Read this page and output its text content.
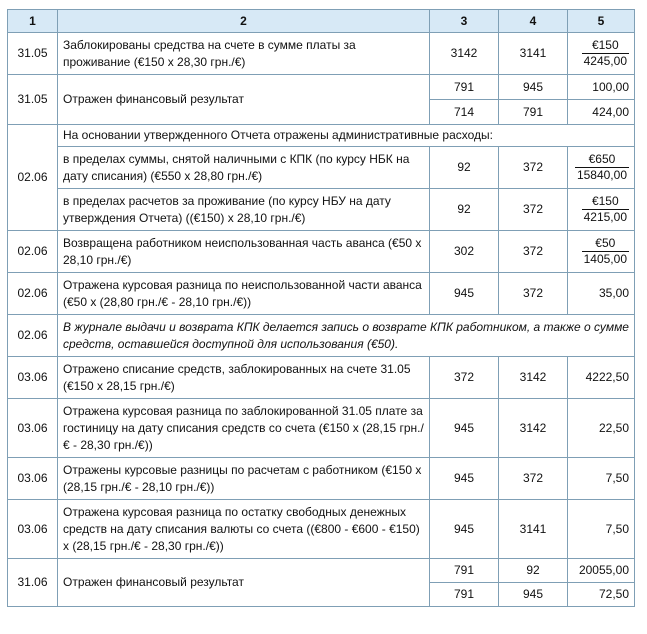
1	2	3	4	5
31.05	Заблокированы средства на счете в сумме платы за проживание (€150 х 28,30 грн./€)	3142	3141	$\frac{€150}{4245,00}$

31.05	Отражен финансовый результат	791	945	100,00
		714	791	424,00
02.06	На основании утвержденного Отчета отражены административные расходы:			
	в пределах суммы, снятой наличными с КПК (по курсу НБК на дату списания) (€550 х 28,80 грн./€)	92	372	$\frac{€650}{15840,00}$

	в пределах расчетов за проживание (по курсу НБУ на дату утверждения Отчета) ((€150) х 28,10 грн./€)	92	372	$\frac{€150}{4215,00}$

02.06	Возвращена работником неиспользованная часть аванса (€50 х 28,10 грн./€)	302	372	$\frac{€50}{1405,00}$

02.06	Отражена курсовая разница по неиспользованной части аванса (€50 х (28,80 грн./€ - 28,10 грн./€))	945	372	35,00
02.06	В журнале выдачи и возврата КПК делается запись о возврате КПК работником, а также о сумме средств, оставшейся доступной для использования (€50).			
03.06	Отражено списание средств, заблокированных на счете 31.05 (€150 х 28,15 грн./€)	372	3142	4222,50
03.06	Отражена курсовая разница по заблокированной 31.05 плате за гостиницу на дату списания средств со счета (€150 х (28,15 грн./€ - 28,30 грн./€))	945	3142	22,50
03.06	Отражены курсовые разницы по расчетам с работником (€150 х (28,15 грн./€ - 28,10 грн./€))	945	372	7,50
03.06	Отражена курсовая разница по остатку свободных денежных средств на дату списания валюты со счета ((€800 - €600 - €150) х (28,15 грн./€ - 28,30 грн./€))	945	3141	7,50
31.06	Отражен финансовый результат	791	92	20055,00
		791	945	72,50
